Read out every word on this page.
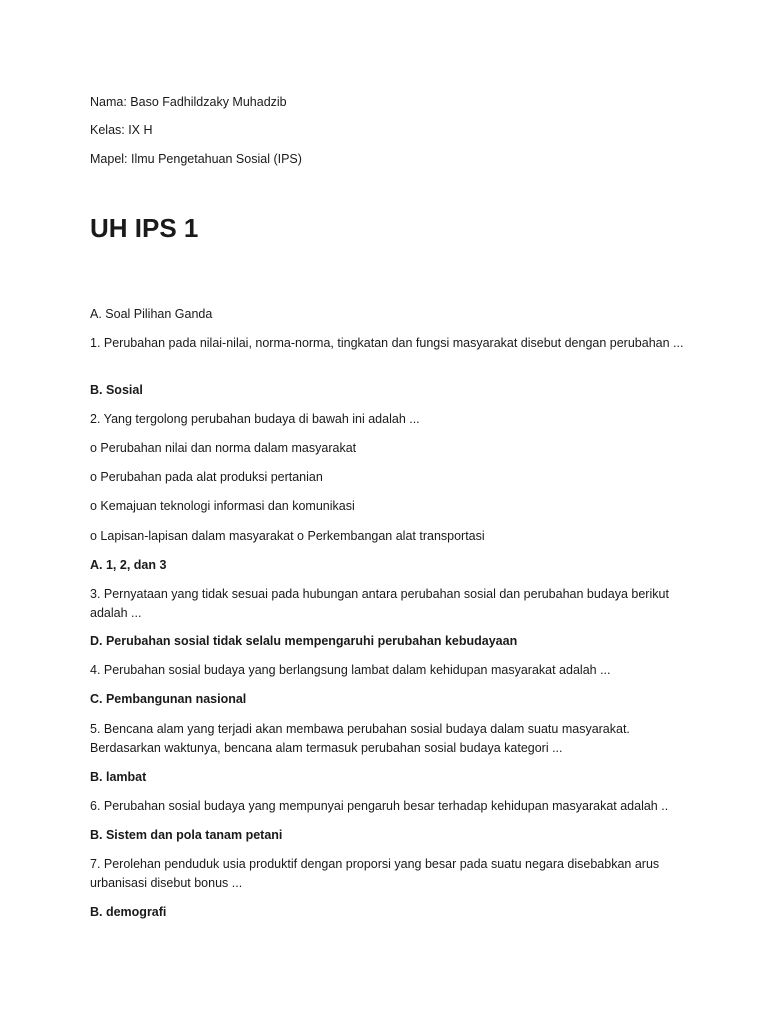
Nama: Baso Fadhildzaky Muhadzib
Kelas: IX H
Mapel: Ilmu Pengetahuan Sosial (IPS)
UH IPS 1
A. Soal Pilihan Ganda
1. Perubahan pada nilai-nilai, norma-norma, tingkatan dan fungsi masyarakat disebut dengan perubahan ...
B. Sosial
2. Yang tergolong perubahan budaya di bawah ini adalah ...
o Perubahan nilai dan norma dalam masyarakat
o Perubahan pada alat produksi pertanian
o Kemajuan teknologi informasi dan komunikasi
o Lapisan-lapisan dalam masyarakat o Perkembangan alat transportasi
A. 1, 2, dan 3
3. Pernyataan yang tidak sesuai pada hubungan antara perubahan sosial dan perubahan budaya berikut adalah ...
D. Perubahan sosial tidak selalu mempengaruhi perubahan kebudayaan
4. Perubahan sosial budaya yang berlangsung lambat dalam kehidupan masyarakat adalah ...
C. Pembangunan nasional
5. Bencana alam yang terjadi akan membawa perubahan sosial budaya dalam suatu masyarakat. Berdasarkan waktunya, bencana alam termasuk perubahan sosial budaya kategori ...
B. lambat
6. Perubahan sosial budaya yang mempunyai pengaruh besar terhadap kehidupan masyarakat adalah ..
B. Sistem dan pola tanam petani
7. Perolehan penduduk usia produktif dengan proporsi yang besar pada suatu negara disebabkan arus urbanisasi disebut bonus ...
B. demografi
